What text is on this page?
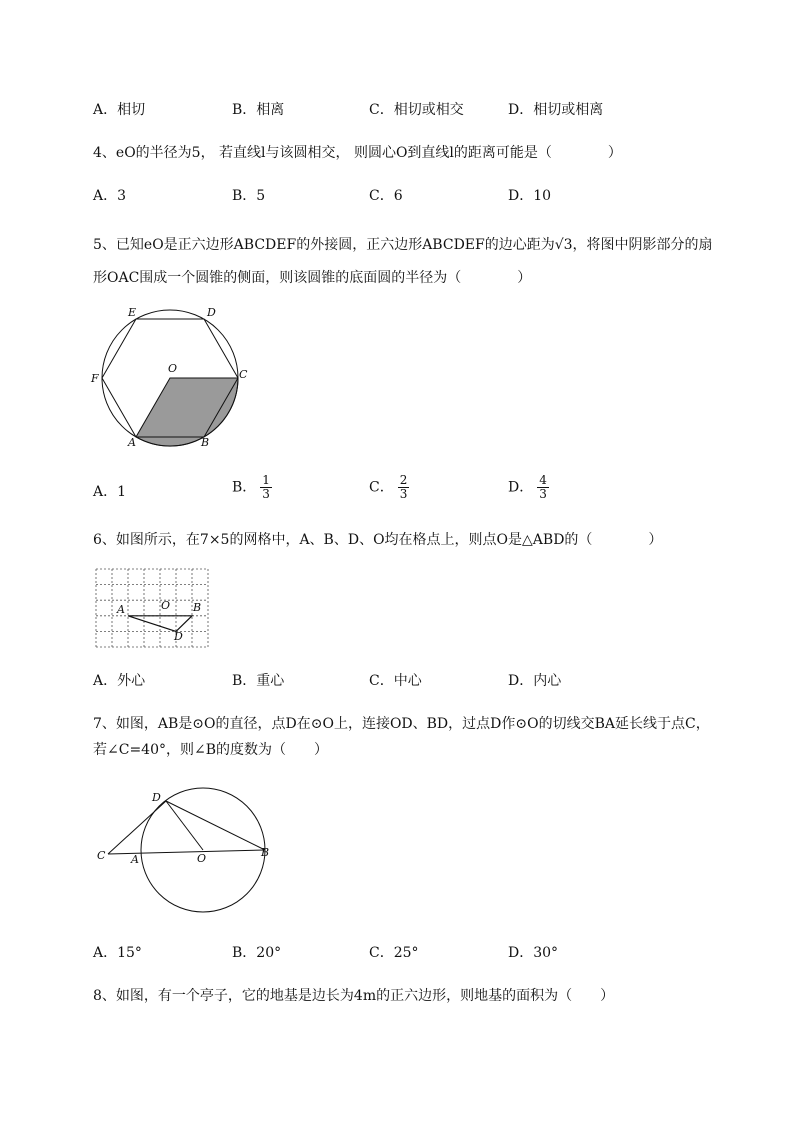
A．相切	B．相离	C．相切或相交	D．相切或相离
4、eO的半径为5， 若直线l与该圆相交， 则圆心O到直线l的距离可能是（　　　　）
A．3	B．5	C．6	D．10
5、已知eO是正六边形ABCDEF的外接圆，正六边形ABCDEF的边心距为√3，将图中阴影部分的扇
形OAC围成一个圆锥的侧面，则该圆锥的底面圆的半径为（　　　　）
E	D
F
O	C
A	B
A．1	B． $\frac{1}{3}$	C． $\frac{2}{3}$	D． $\frac{4}{3}$
6、如图所示，在7×5的网格中，A、B、D、O均在格点上，则点O是△ABD的（　　　　）
A	O B
D
A．外心	B．重心	C．中心	D．内心
7、如图，AB是⊙O的直径，点D在⊙O上，连接OD、BD，过点D作⊙O的切线交BA延长线于点C，
若∠C=40°，则∠B的度数为（　　）
D
C A	O	B
A．15°	B．20°	C．25°	D．30°
8、如图，有一个亭子，它的地基是边长为4m的正六边形，则地基的面积为（　　）
